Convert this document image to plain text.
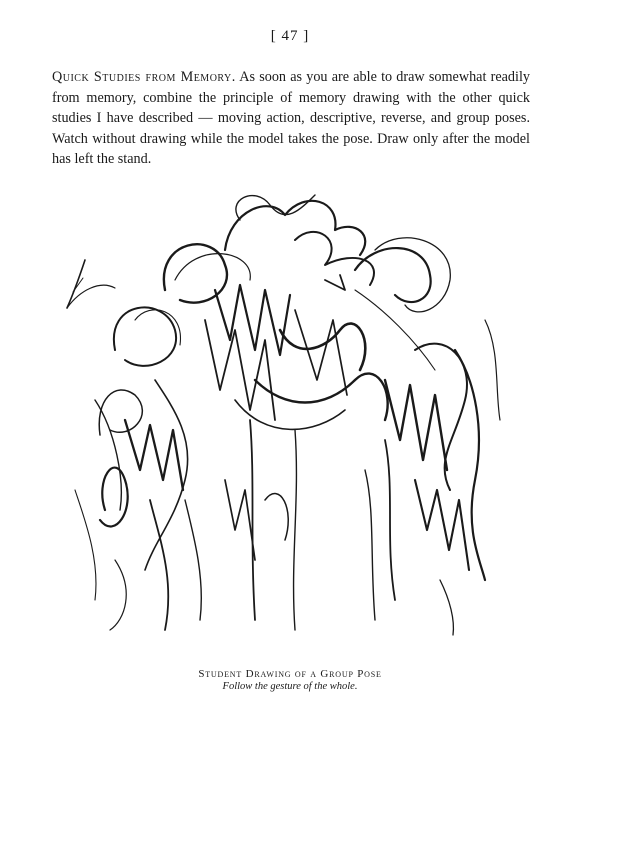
[ 47 ]

Quick Studies from Memory. As soon as you are able to draw somewhat readily from memory, combine the principle of memory drawing with the other quick studies I have described — moving action, descriptive, reverse, and group poses. Watch without drawing while the model takes the pose. Draw only after the model has left the stand.

Student Drawing of a Group Pose
Follow the gesture of the whole.
